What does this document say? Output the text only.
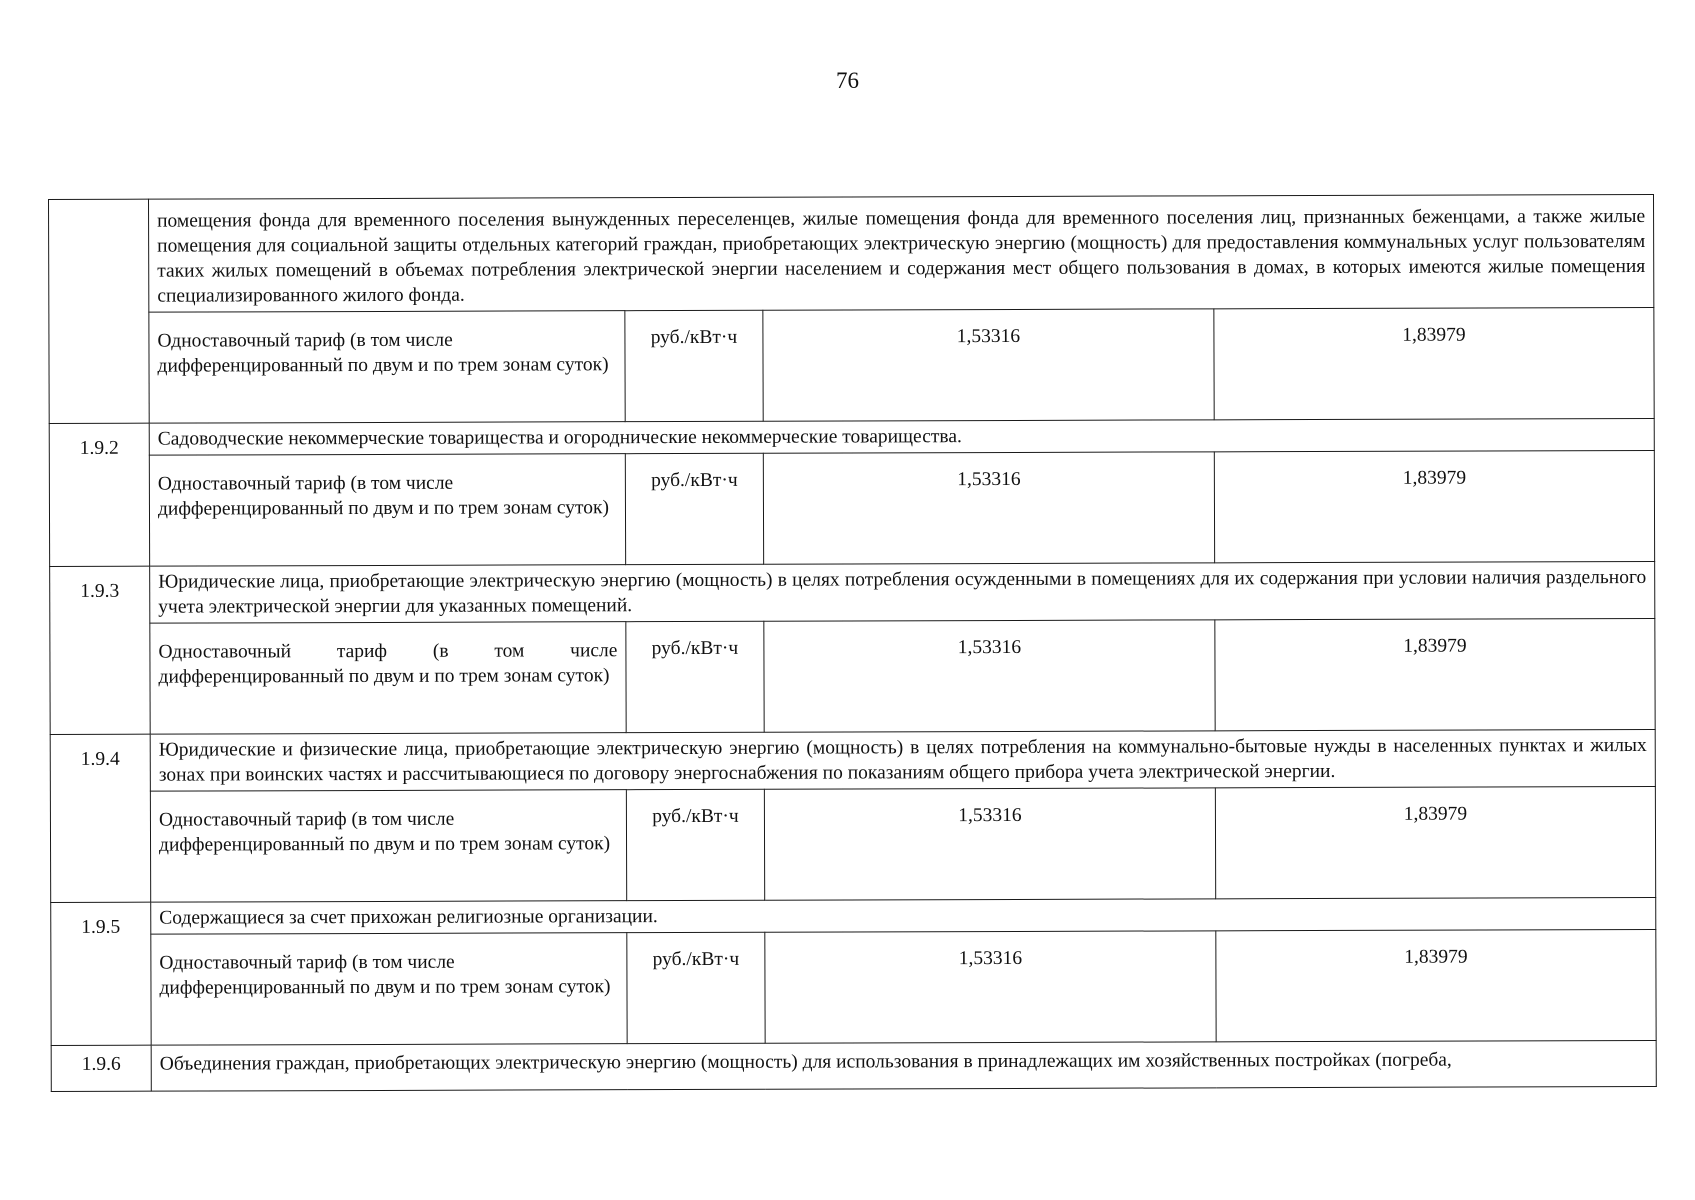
76
	помещения фонда для временного поселения вынужденных переселенцев, жилые помещения фонда для временного поселения лиц, признанных беженцами, а также жилые помещения для социальной защиты отдельных категорий граждан, приобретающих электрическую энергию (мощность) для предоставления коммунальных услуг пользователям таких жилых помещений в объемах потребления электрической энергии населением и содержания мест общего пользования в домах, в которых имеются жилые помещения специализированного жилого фонда.			
	Одноставочный тариф (в том числе дифференцированный по двум и по трем зонам суток)	руб./кВт·ч	1,53316	1,83979
1.9.2	Садоводческие некоммерческие товарищества и огороднические некоммерческие товарищества.			
	Одноставочный тариф (в том числе дифференцированный по двум и по трем зонам суток)	руб./кВт·ч	1,53316	1,83979
1.9.3	Юридические лица, приобретающие электрическую энергию (мощность) в целях потребления осужденными в помещениях для их содержания при условии наличия раздельного учета электрической энергии для указанных помещений.			
	Одноставочный тариф (в том числе дифференцированный по двум и по трем зонам суток)	руб./кВт·ч	1,53316	1,83979
1.9.4	Юридические и физические лица, приобретающие электрическую энергию (мощность) в целях потребления на коммунально-бытовые нужды в населенных пунктах и жилых зонах при воинских частях и рассчитывающиеся по договору энергоснабжения по показаниям общего прибора учета электрической энергии.			
	Одноставочный тариф (в том числе дифференцированный по двум и по трем зонам суток)	руб./кВт·ч	1,53316	1,83979
1.9.5	Содержащиеся за счет прихожан религиозные организации.			
	Одноставочный тариф (в том числе дифференцированный по двум и по трем зонам суток)	руб./кВт·ч	1,53316	1,83979
1.9.6	Объединения граждан, приобретающих электрическую энергию (мощность) для использования в принадлежащих им хозяйственных постройках (погреба,			
